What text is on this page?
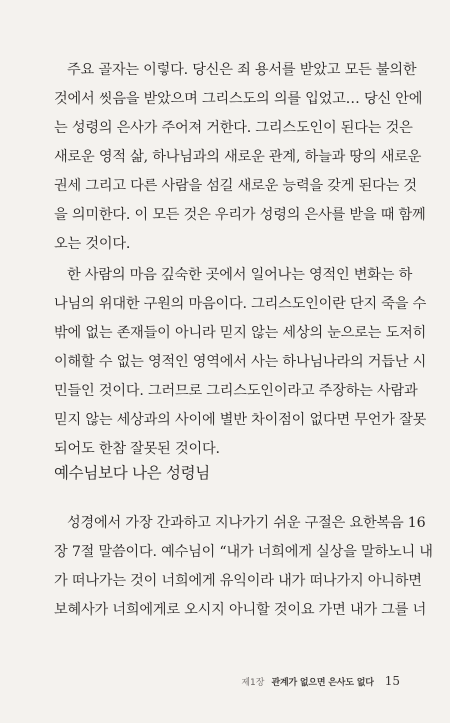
주요 골자는 이렇다. 당신은 죄 용서를 받았고 모든 불의한
것에서 씻음을 받았으며 그리스도의 의를 입었고… 당신 안에
는 성령의 은사가 주어져 거한다. 그리스도인이 된다는 것은
새로운 영적 삶, 하나님과의 새로운 관계, 하늘과 땅의 새로운
권세 그리고 다른 사람을 섬길 새로운 능력을 갖게 된다는 것
을 의미한다. 이 모든 것은 우리가 성령의 은사를 받을 때 함께
오는 것이다.
한 사람의 마음 깊숙한 곳에서 일어나는 영적인 변화는 하
나님의 위대한 구원의 마음이다. 그리스도인이란 단지 죽을 수
밖에 없는 존재들이 아니라 믿지 않는 세상의 눈으로는 도저히
이해할 수 없는 영적인 영역에서 사는 하나님나라의 거듭난 시
민들인 것이다. 그러므로 그리스도인이라고 주장하는 사람과
믿지 않는 세상과의 사이에 별반 차이점이 없다면 무언가 잘못
되어도 한참 잘못된 것이다.
예수님보다 나은 성령님
성경에서 가장 간과하고 지나가기 쉬운 구절은 요한복음 16
장 7절 말씀이다. 예수님이 “내가 너희에게 실상을 말하노니 내
가 떠나가는 것이 너희에게 유익이라 내가 떠나가지 아니하면
보혜사가 너희에게로 오시지 아니할 것이요 가면 내가 그를 너
제1장 관계가 없으면 은사도 없다 15
